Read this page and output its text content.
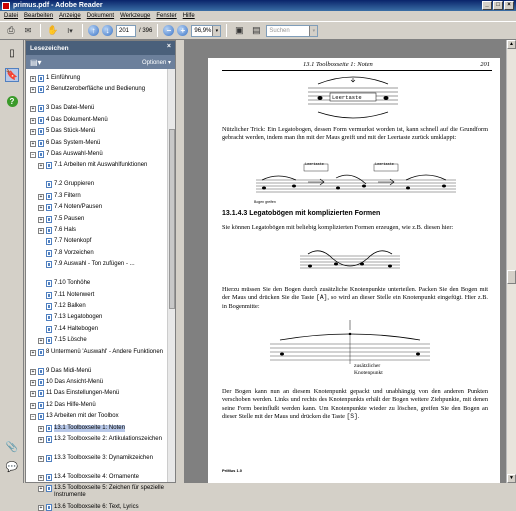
primus.pdf - Adobe Reader	_	□	×
Datei Bearbeiten Anzeige Dokument Werkzeuge Fenster Hilfe
⎙	✉	✋	I▾	↑	↓	201	/ 396	−	+	96,9% ▾	▣ ▤	Suchen	▾
▯
🔖
?
📎
💬
Lesezeichen	×
▤▾	Optionen ▾
+ 1 Einführung
+ 2 Benutzeroberfläche und Bedienung
+ 3 Das Datei-Menü
+ 4 Das Dokument-Menü
+ 5 Das Stück-Menü
+ 6 Das System-Menü
− 7 Das Auswahl-Menü
+ 7.1 Arbeiten mit Auswahlfunktionen
7.2 Gruppieren
+ 7.3 Filtern
+ 7.4 Noten/Pausen
+ 7.5 Pausen
+ 7.6 Hals
7.7 Notenkopf
7.8 Vorzeichen
7.9 Auswahl - Ton zufügen - ...
7.10 Tonhöhe
7.11 Notenwert
7.12 Balken
7.13 Legatobogen
7.14 Haltebogen
+ 7.15 Lösche
+ 8 Untermenü 'Auswahl' - Andere Funktionen
+ 9 Das Midi-Menü
+ 10 Das Ansicht-Menü
+ 11 Das Einstellungen-Menü
+ 12 Das Hilfe-Menü
− 13 Arbeiten mit der Toolbox
+ 13.1 Toolboxseite 1: Noten
+ 13.2 Toolboxseite 2: Artikulationszeichen
+ 13.3 Toolboxseite 3: Dynamikzeichen
+ 13.4 Toolboxseite 4: Ornamente
+ 13.5 Toolboxseite 5: Zeichen für spezielle Instrumente
+ 13.6 Toolboxseite 6: Text, Lyrics
13.1 Toolboxseite 1: Noten	201
Leertaste
Nützlicher Trick: Ein Legatobogen, dessen Form vermurkst worden ist, kann schnell auf die Grundform gebracht werden, indem man ihn mit der Maus greift und mit der Leertaste zurück umklappt:
Leertaste	Leertaste
Bogen greifen
13.1.4.3 Legatobögen mit komplizierten Formen
Sie können Legatobögen mit beliebig komplizierten Formen erzeugen, wie z.B. diesen hier:
Hierzu müssen Sie den Bogen durch zusätzliche Knotenpunkte unterteilen. Packen Sie den Bogen mit der Maus und drücken Sie die Taste [A], so wird an dieser Stelle ein Knotenpunkt eingefügt. Hier z.B. in Bogenmitte:
zusätzlicher
Knotenpunkt
Der Bogen kann nun an diesem Knotenpunkt gepackt und unabhängig von den anderen Punkten verschoben werden. Links und rechts des Knotenpunkts erhält der Bogen weitere Ziehpunkte, mit denen seine Form beeinflußt werden kann. Um Knotenpunkte wieder zu löschen, greifen Sie den Bogen an dieser Stelle mit der Maus und drücken die Taste [S].
PriMus 1.0
▲
▼
